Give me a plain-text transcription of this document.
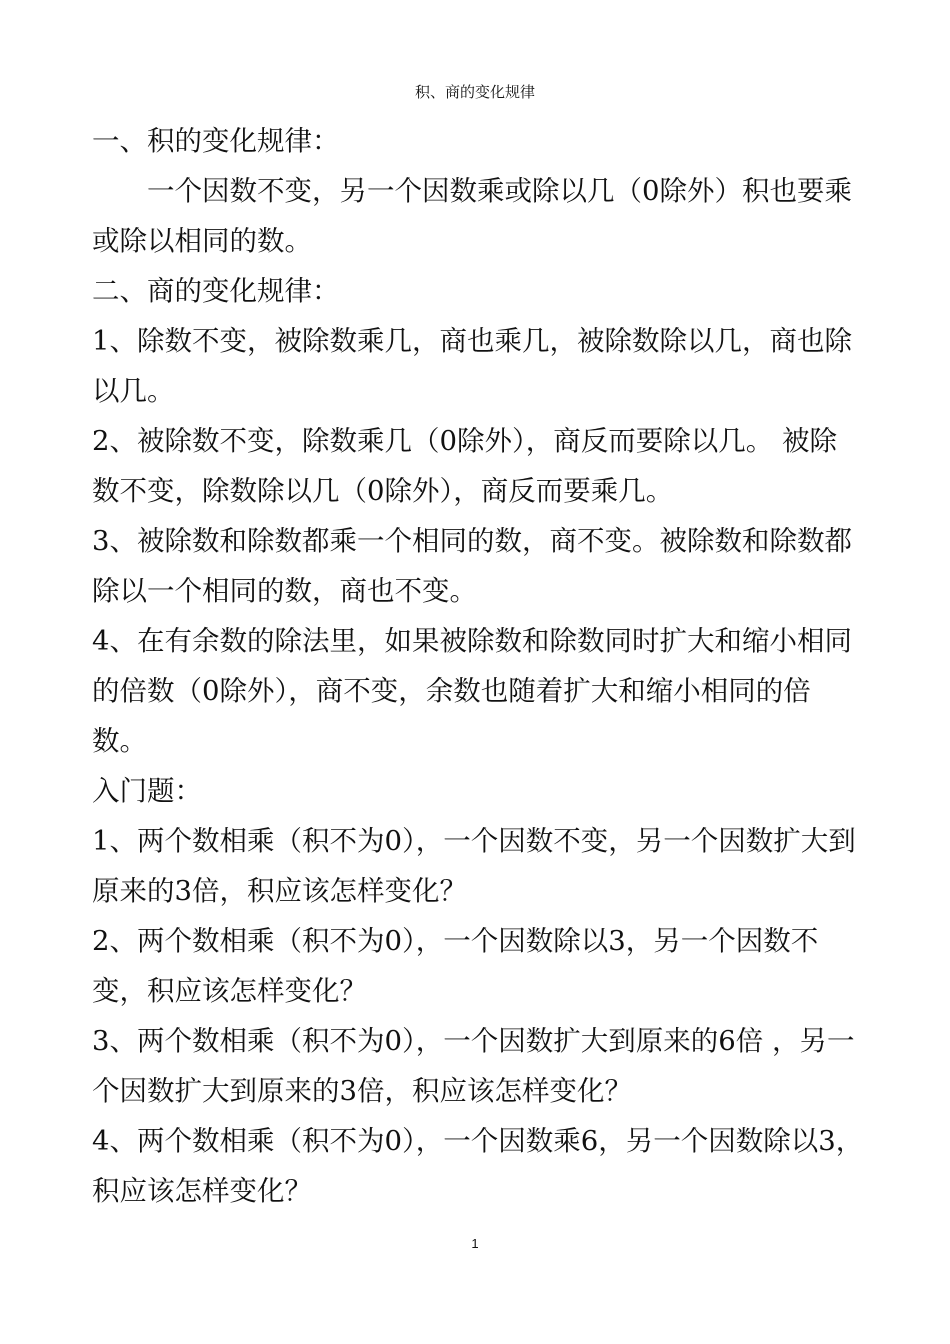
积、商的变化规律

一、积的变化规律：

一个因数不变，另一个因数乘或除以几（0除外）积也要乘或除以相同的数。

二、商的变化规律：

1、除数不变，被除数乘几，商也乘几，被除数除以几，商也除以几。

2、被除数不变，除数乘几（0除外），商反而要除以几。 被除数不变，除数除以几（0除外），商反而要乘几。

3、被除数和除数都乘一个相同的数，商不变。被除数和除数都除以一个相同的数，商也不变。

4、在有余数的除法里，如果被除数和除数同时扩大和缩小相同的倍数（0除外），商不变，余数也随着扩大和缩小相同的倍数。

入门题：

1、两个数相乘（积不为0），一个因数不变，另一个因数扩大到原来的3倍，积应该怎样变化？

2、两个数相乘（积不为0），一个因数除以3，另一个因数不变，积应该怎样变化？

3、两个数相乘（积不为0），一个因数扩大到原来的6倍 ，另一个因数扩大到原来的3倍，积应该怎样变化？

4、两个数相乘（积不为0），一个因数乘6，另一个因数除以3，积应该怎样变化？

1
